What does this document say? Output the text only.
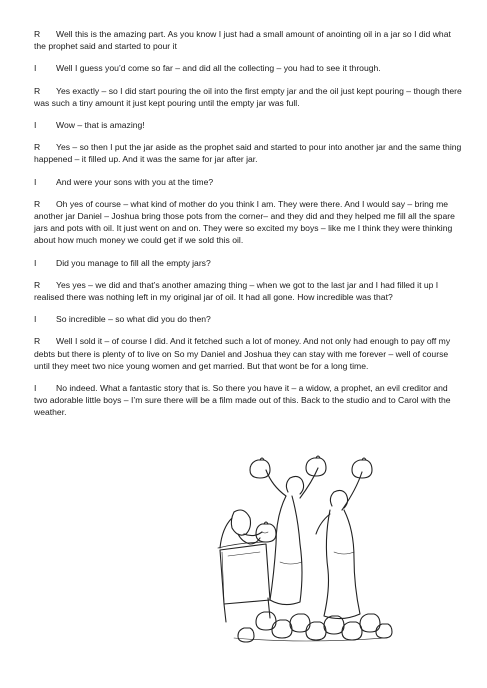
R Well this is the amazing part. As you know I just had a small amount of anointing oil in a jar so I did what the prophet said and started to pour it

I Well I guess you’d come so far – and did all the collecting – you had to see it through.

R Yes exactly – so I did start pouring the oil into the first empty jar and the oil just kept pouring – though there was such a tiny amount it just kept pouring until the empty jar was full.

I Wow – that is amazing!

R Yes – so then I put the jar aside as the prophet said and started to pour into another jar and the same thing happened – it filled up. And it was the same for jar after jar.

I And were your sons with you at the time?

R Oh yes of course – what kind of mother do you think I am. They were there. And I would say – bring me another jar Daniel – Joshua bring those pots from the corner– and they did and they helped me fill all the spare jars and pots with oil. It just went on and on. They were so excited my boys – like me I think they were thinking about how much money we could get if we sold this oil.

I Did you manage to fill all the empty jars?

R Yes yes – we did and that’s another amazing thing – when we got to the last jar and I had filled it up I realised there was nothing left in my original jar of oil. It had all gone. How incredible was that?

I So incredible – so what did you do then?

R Well I sold it – of course I did. And it fetched such a lot of money. And not only had enough to pay off my debts but there is plenty of to live on So my Daniel and Joshua they can stay with me forever – well of course until they meet two nice young women and get married. But that wont be for a long time.

I No indeed. What a fantastic story that is. So there you have it – a widow, a prophet, an evil creditor and two adorable little boys – I’m sure there will be a film made out of this. Back to the studio and to Carol with the weather.
